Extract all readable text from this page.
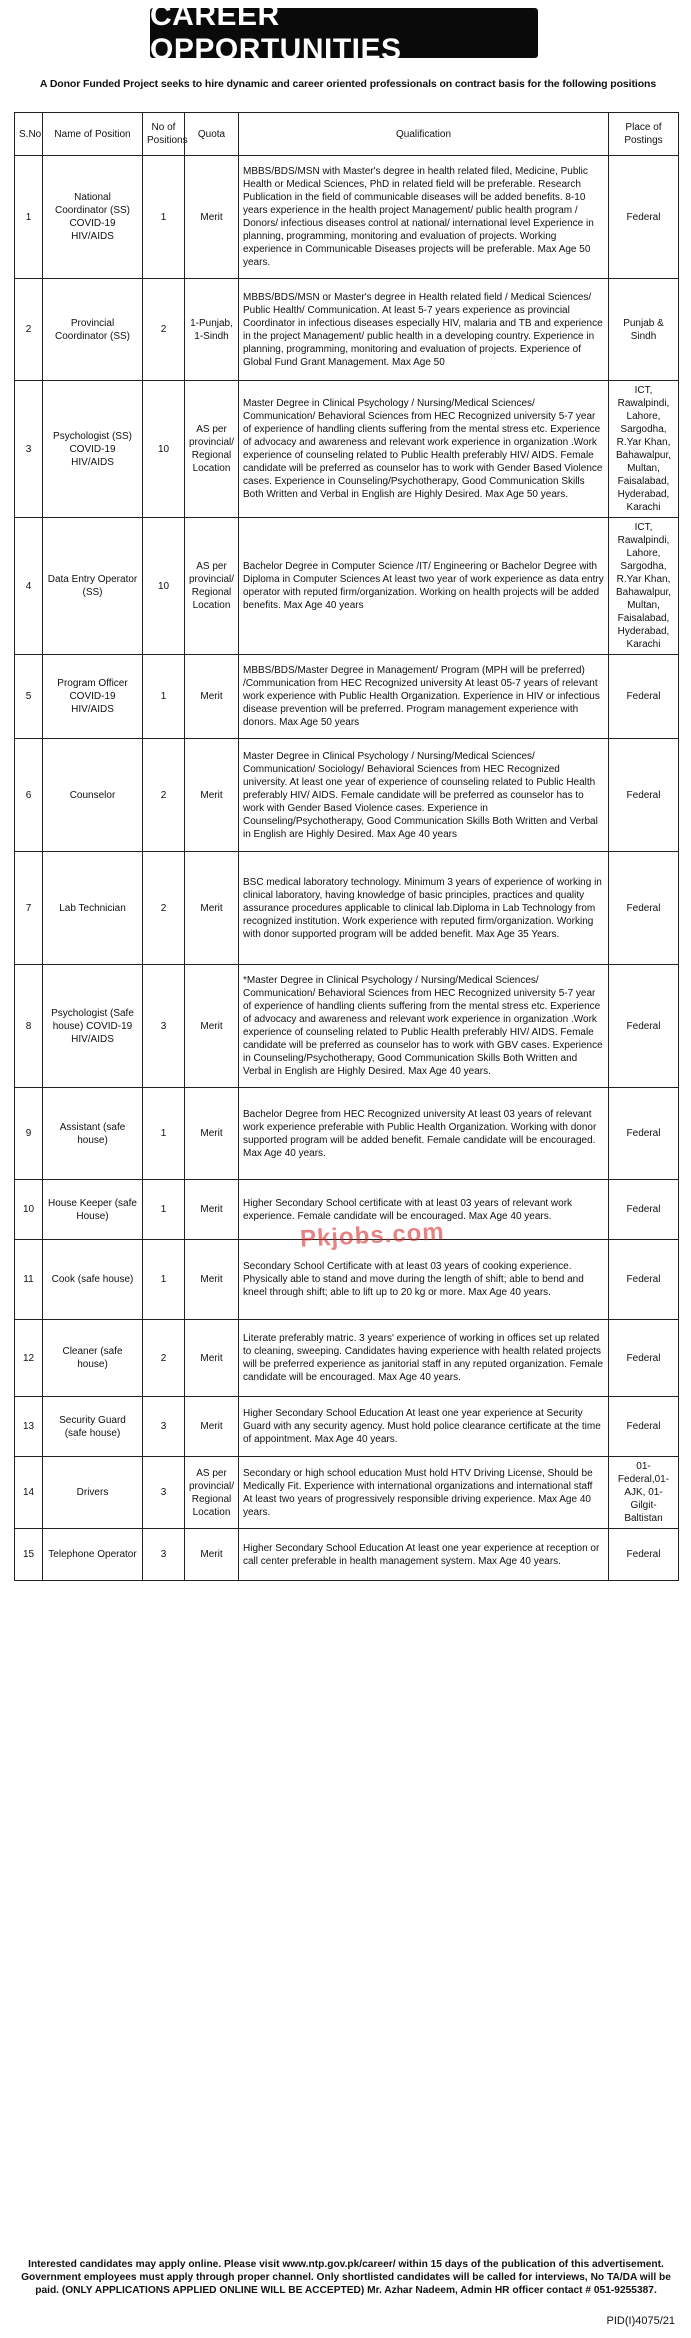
CAREER OPPORTUNITIES
A Donor Funded Project seeks to hire dynamic and career oriented professionals on contract basis for the following positions
S.No	Name of Position	No of Positions	Quota	Qualification	Place of Postings
1	National Coordinator (SS) COVID-19 HIV/AIDS	1	Merit	MBBS/BDS/MSN with Master's degree in health related filed, Medicine, Public Health or Medical Sciences, PhD in related field will be preferable. Research Publication in the field of communicable diseases will be added benefits. 8-10 years experience in the health project Management/ public health program / Donors/ infectious diseases control at national/ international level Experience in planning, programming, monitoring and evaluation of projects. Working experience in Communicable Diseases projects will be preferable. Max Age 50 years.	Federal
2	Provincial Coordinator (SS)	2	1-Punjab, 1-Sindh	MBBS/BDS/MSN or Master's degree in Health related field / Medical Sciences/ Public Health/ Communication. At least 5-7 years experience as provincial Coordinator in infectious diseases especially HIV, malaria and TB and experience in the project Management/ public health in a developing country. Experience in planning, programming, monitoring and evaluation of projects. Experience of Global Fund Grant Management. Max Age 50	Punjab & Sindh
3	Psychologist (SS) COVID-19 HIV/AIDS	10	AS per provincial/ Regional Location	Master Degree in Clinical Psychology / Nursing/Medical Sciences/ Communication/ Behavioral Sciences from HEC Recognized university 5-7 year of experience of handling clients suffering from the mental stress etc. Experience of advocacy and awareness and relevant work experience in organization .Work experience of counseling related to Public Health preferably HIV/ AIDS. Female candidate will be preferred as counselor has to work with Gender Based Violence cases. Experience in Counseling/Psychotherapy, Good Communication Skills Both Written and Verbal in English are Highly Desired. Max Age 50 years.	ICT, Rawalpindi, Lahore, Sargodha, R.Yar Khan, Bahawalpur, Multan, Faisalabad, Hyderabad, Karachi
4	Data Entry Operator (SS)	10	AS per provincial/ Regional Location	Bachelor Degree in Computer Science /IT/ Engineering or Bachelor Degree with Diploma in Computer Sciences At least two year of work experience as data entry operator with reputed firm/organization. Working on health projects will be added benefits. Max Age 40 years	ICT, Rawalpindi, Lahore, Sargodha, R.Yar Khan, Bahawalpur, Multan, Faisalabad, Hyderabad, Karachi
5	Program Officer COVID-19 HIV/AIDS	1	Merit	MBBS/BDS/Master Degree in Management/ Program (MPH will be preferred) /Communication from HEC Recognized university At least 05-7 years of relevant work experience with Public Health Organization. Experience in HIV or infectious disease prevention will be preferred. Program management experience with donors. Max Age 50 years	Federal
6	Counselor	2	Merit	Master Degree in Clinical Psychology / Nursing/Medical Sciences/ Communication/ Sociology/ Behavioral Sciences from HEC Recognized university. At least one year of experience of counseling related to Public Health preferably HIV/ AIDS. Female candidate will be preferred as counselor has to work with Gender Based Violence cases. Experience in Counseling/Psychotherapy, Good Communication Skills Both Written and Verbal in English are Highly Desired. Max Age 40 years	Federal
7	Lab Technician	2	Merit	BSC medical laboratory technology. Minimum 3 years of experience of working in clinical laboratory, having knowledge of basic principles, practices and quality assurance procedures applicable to clinical lab.Diploma in Lab Technology from recognized institution. Work experience with reputed firm/organization. Working with donor supported program will be added benefit. Max Age 35 Years.	Federal
8	Psychologist (Safe house) COVID-19 HIV/AIDS	3	Merit	*Master Degree in Clinical Psychology / Nursing/Medical Sciences/ Communication/ Behavioral Sciences from HEC Recognized university 5-7 year of experience of handling clients suffering from the mental stress etc. Experience of advocacy and awareness and relevant work experience in organization .Work experience of counseling related to Public Health preferably HIV/ AIDS. Female candidate will be preferred as counselor has to work with GBV cases. Experience in Counseling/Psychotherapy, Good Communication Skills Both Written and Verbal in English are Highly Desired. Max Age 40 years.	Federal
9	Assistant (safe house)	1	Merit	Bachelor Degree from HEC Recognized university At least 03 years of relevant work experience preferable with Public Health Organization. Working with donor supported program will be added benefit. Female candidate will be encouraged. Max Age 40 years.	Federal
10	House Keeper (safe House)	1	Merit	Higher Secondary School certificate with at least 03 years of relevant work experience. Female candidate will be encouraged. Max Age 40 years.	Federal
11	Cook (safe house)	1	Merit	Secondary School Certificate with at least 03 years of cooking experience. Physically able to stand and move during the length of shift; able to bend and kneel through shift; able to lift up to 20 kg or more. Max Age 40 years.	Federal
12	Cleaner (safe house)	2	Merit	Literate preferably matric. 3 years' experience of working in offices set up related to cleaning, sweeping. Candidates having experience with health related projects will be preferred experience as janitorial staff in any reputed organization. Female candidate will be encouraged. Max Age 40 years.	Federal
13	Security Guard (safe house)	3	Merit	Higher Secondary School Education At least one year experience at Security Guard with any security agency. Must hold police clearance certificate at the time of appointment. Max Age 40 years.	Federal
14	Drivers	3	AS per provincial/ Regional Location	Secondary or high school education Must hold HTV Driving License, Should be Medically Fit. Experience with international organizations and international staff At least two years of progressively responsible driving experience. Max Age 40 years.	01-Federal,01-AJK, 01- Gilgit-Baltistan
15	Telephone Operator	3	Merit	Higher Secondary School Education At least one year experience at reception or call center preferable in health management system. Max Age 40 years.	Federal
Pkjobs.com
Interested candidates may apply online. Please visit www.ntp.gov.pk/career/ within 15 days of the publication of this advertisement. Government employees must apply through proper channel. Only shortlisted candidates will be called for interviews, No TA/DA will be paid. (ONLY APPLICATIONS APPLIED ONLINE WILL BE ACCEPTED) Mr. Azhar Nadeem, Admin HR officer contact # 051-9255387.
PID(I)4075/21
